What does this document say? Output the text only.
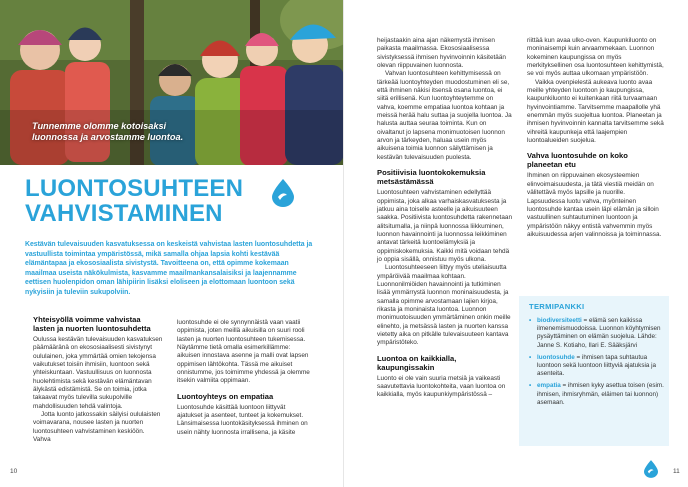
Tunnemme olomme kotoisaksi luonnossa ja arvostamme luontoa.
LUONTOSUHTEEN
VAHVISTAMINEN
Kestävän tulevaisuuden kasvatuksessa on keskeistä vahvistaa lasten luontosuhdetta ja vastuullista toimintaa ympäristössä, mikä samalla ohjaa lapsia kohti kestävää elämäntapaa ja ekososiaalista sivistystä. Tavoitteena on, että opimme kokemaan maailmaa useista näkökulmista, kasvamme maailmankansalaisiksi ja laajennamme eettisen huolenpidon oman lähipiirin lisäksi eloliseen ja elottomaan luontoon sekä nykyisiin ja tuleviin sukupolviin.
Yhteisyöllä voimme vahvistaa lasten ja nuorten luontosuhdetta

Oulussa kestävän tulevaisuuden kasvatuksen päämääränä on ekososiaalisesti sivistynyt oululainen, joka ymmärtää omien tekojensa vaikutukset toisiin ihmisiin, luontoon sekä yhteiskuntaan. Vastuullisuus on luonnosta huolehtimista sekä kestävän elämäntavan älykästä edistämistä. Se on toimia, jotka takaavat myös tulevilla sukupolville mahdollisuuden tehdä valintoja.

Jotta luonto jatkossakin säilyisi oululaisten voimavarana, nousee lasten ja nuorten luontosuhteen vahvistaminen keskiöön. Vahva

luontosuhde ei ole synnynnäistä vaan vaatii oppimista, joten meillä aikuisilla on suuri rooli lasten ja nuorten luontosuhteen tukemisessa. Näytämme tietä omalla esimerkillämme: aikuisen innostava asenne ja malli ovat lapsen oppimisen lähtökohta. Tässä me aikuiset onnistumme, jos toimimme yhdessä ja olemme itsekin valmiita oppimaan.

Luontoyhteys on empatiaa

Luontosuhde käsittää luontoon liittyvät ajatukset ja asenteet, tunteet ja kokemukset. Länsimaisessa luontokäsityksessä ihminen on usein nähty luonnosta irrallisena, ja käsite

10

heijastaakin aina ajan näkemystä ihmisen paikasta maailmassa. Ekososiaalisessa sivistyksessä ihmisen hyvinvoinnin käsitetään olevan riippuvainen luonnosta.

Vahvan luontosuhteen kehittymisessä on tärkeää luontoyhteyden muodostuminen eli se, että ihminen näkisi itsensä osana luontoa, ei siitä erillisenä. Kun luontoyhteytemme on vahva, koemme empatiaa luontoa kohtaan ja meissä herää halu suttaa ja suojella luontoa. Ja halusta auttaa seuraa toiminta. Kun on oivaltanut jo lapsena monimuotoisen luonnon arvon ja tärkeyden, haluaa usein myös aikuisena toimia luonnon säilyttämisen ja kestävän tulevaisuuden puolesta.

Positiivisia luontokokemuksia metsästämässä

Luontosuhteen vahvistaminen edellyttää oppimista, joka alkaa varhaiskasvatuksesta ja jatkuu aina toiselle asteelle ja aikuisuuteen saakka. Positiivista luontosuhdetta rakennetaan alitsitumalla, ja niinpä luonnossa liikkuminen, luonnon havainnointi ja luonnossa leikkiminen antavat tärkeitä luontoelämyksiä ja oppimiskokemuksia. Kaikki mitä voidaan tehdä jo oppia sisällä, onnistuu myös ulkona.

Luontosuhteeseen liittyy myös uteliaisuutta ympäröivää maailmaa kohtaan. Luonnonilmiöiden havainnointi ja tutkiminen lisää ymmärrystä luonnon moninaisuudesta, ja samalla opimme arvostamaan lajien kirjoa, rikasta ja moninaista luontoa. Luonnon monimuotoisuuden ymmärtäminen onkin meille elinehto, ja metsässä lasten ja nuorten kanssa vietetty aika on pitkälle tulevaisuuteen kantava ympäristöteko.

Luontoa on kaikkialla, kaupungissakin

Luonto ei ole vain suuria metsiä ja vaikeasti saavutettavia luontokohteita, vaan luontoa on kaikkialla, myös kaupunkiympäristössä –

riittää kun avaa ulko-oven. Kaupunkiluonto on moninaisempi kuin arvaammekaan. Luonnon kokeminen kaupungissa on myös merkityksellinen osa luontosuhteen kehittymistä, se voi myös auttaa ulkomaan ympäristöön.

Vaikka ovenpielestä aukeava luonto avaa meille yhteyden luontoon jo kaupungissa, kaupunkiluonto ei kuitenkaan riitä turvaamaan hyvinvointiamme. Tarvitsemme maapallolle yhä enemmän myös suojeltua luontoa. Planeetan ja ihmisen hyvinvoinnin kannalta tarvitsemme sekä vihreitä kaupunkeja että laajempien luontoalueiden suojelua.

Vahva luontosuhde on koko planeetan etu

Ihminen on riippuvainen ekosysteemien elinvoimaisuudesta, ja tätä viestiä meidän on välitettävä myös lapsille ja nuorille. Lapsuudessa luotu vahva, myönteinen luontosuhde kantaa usein läpi elämän ja silloin vastuullinen suhtautuminen luontoon ja ympäristöön näkyy entistä vahvemmin myös aikuisuudessa arjen valinnoissa ja toiminnassa.

TERMIPANKKI
• biodiversiteetti = elämä sen kaikissa ilmenemismuodoissa. Luonnon köyhtymisen pysäyttäminen on elämän suojelua. Lähde: Janne S. Kotiaho, Ilari E. Sääksjärvi
• luontosuhde = ihmisen tapa suhtautua luontoon sekä luontoon liittyviä ajatuksia ja asenteita.
• empatia = ihmisen kyky asettua toisen (esim. ihmisen, ihmisryhmän, eläimen tai luonnon) asemaan.
11
